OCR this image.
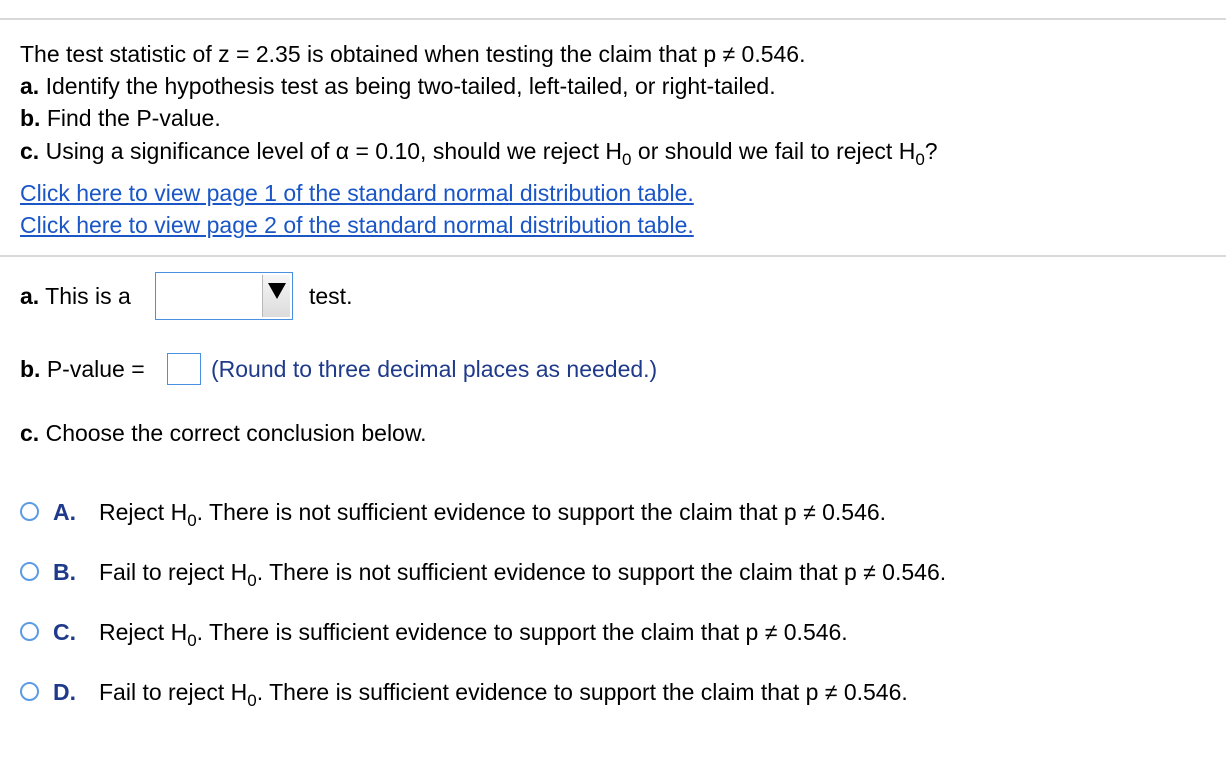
The test statistic of z = 2.35 is obtained when testing the claim that p ≠ 0.546.
a. Identify the hypothesis test as being two-tailed, left-tailed, or right-tailed.
b. Find the P-value.
c. Using a significance level of α = 0.10, should we reject $H_0$ or should we fail to reject $H_0$?
Click here to view page 1 of the standard normal distribution table.
Click here to view page 2 of the standard normal distribution table.
a. This is a	test.
b. P-value =	(Round to three decimal places as needed.)
c. Choose the correct conclusion below.
A. Reject $H_0$. There is not sufficient evidence to support the claim that p ≠ 0.546.
B. Fail to reject $H_0$. There is not sufficient evidence to support the claim that p ≠ 0.546.
C. Reject $H_0$. There is sufficient evidence to support the claim that p ≠ 0.546.
D. Fail to reject $H_0$. There is sufficient evidence to support the claim that p ≠ 0.546.
